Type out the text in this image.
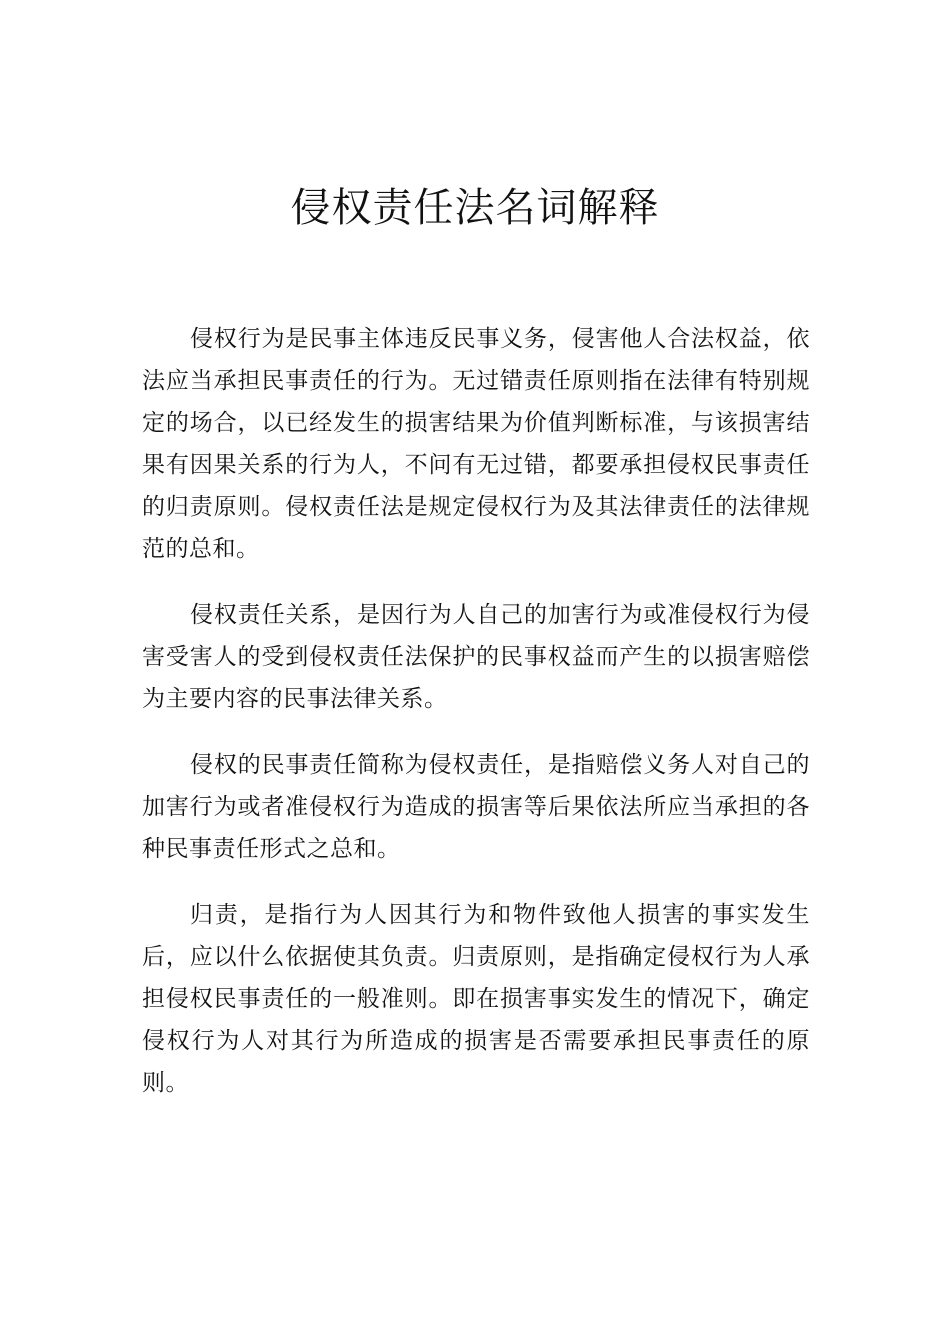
侵权责任法名词解释

侵权行为是民事主体违反民事义务，侵害他人合法权益，依法应当承担民事责任的行为。无过错责任原则指在法律有特别规定的场合，以已经发生的损害结果为价值判断标准，与该损害结果有因果关系的行为人，不问有无过错，都要承担侵权民事责任的归责原则。侵权责任法是规定侵权行为及其法律责任的法律规范的总和。

侵权责任关系，是因行为人自己的加害行为或准侵权行为侵害受害人的受到侵权责任法保护的民事权益而产生的以损害赔偿为主要内容的民事法律关系。

侵权的民事责任简称为侵权责任，是指赔偿义务人对自己的加害行为或者准侵权行为造成的损害等后果依法所应当承担的各种民事责任形式之总和。

归责，是指行为人因其行为和物件致他人损害的事实发生后，应以什么依据使其负责。归责原则，是指确定侵权行为人承担侵权民事责任的一般准则。即在损害事实发生的情况下，确定侵权行为人对其行为所造成的损害是否需要承担民事责任的原则。
